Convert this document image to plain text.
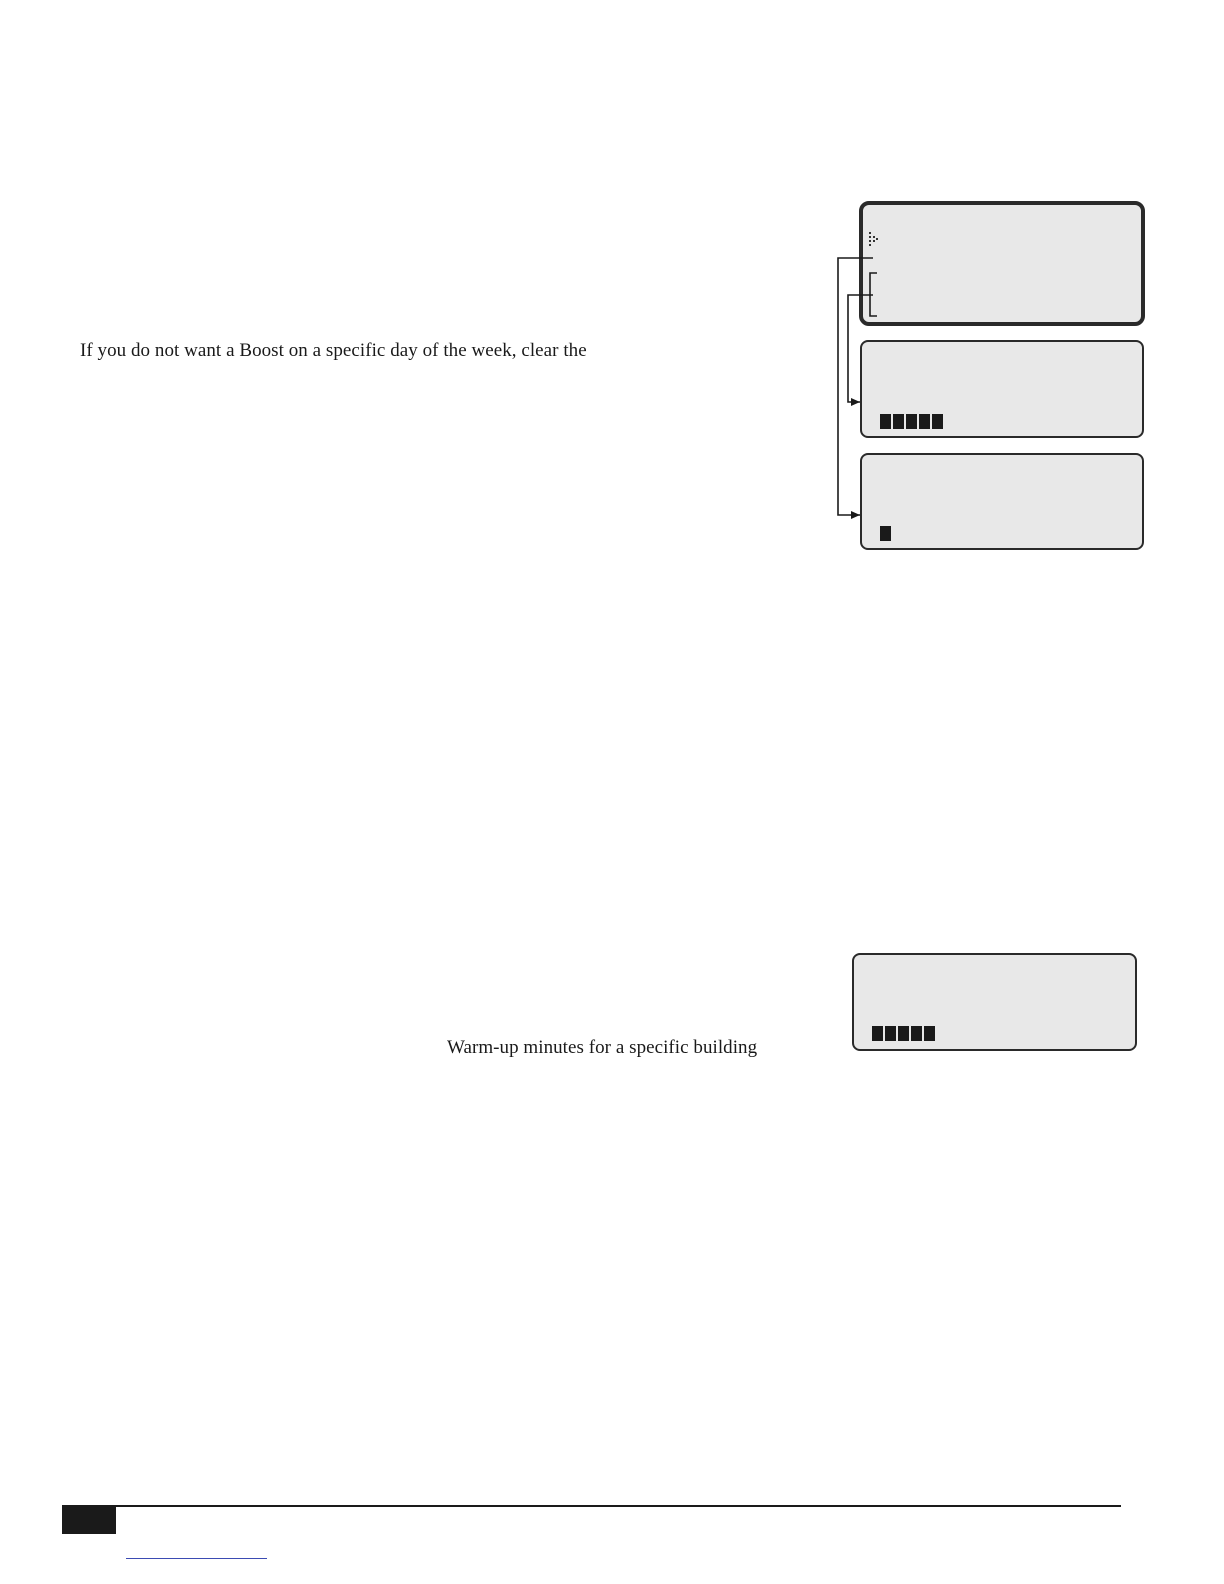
If you do not want a Boost on a specific day of the week, clear the
Warm-up minutes for a specific building
